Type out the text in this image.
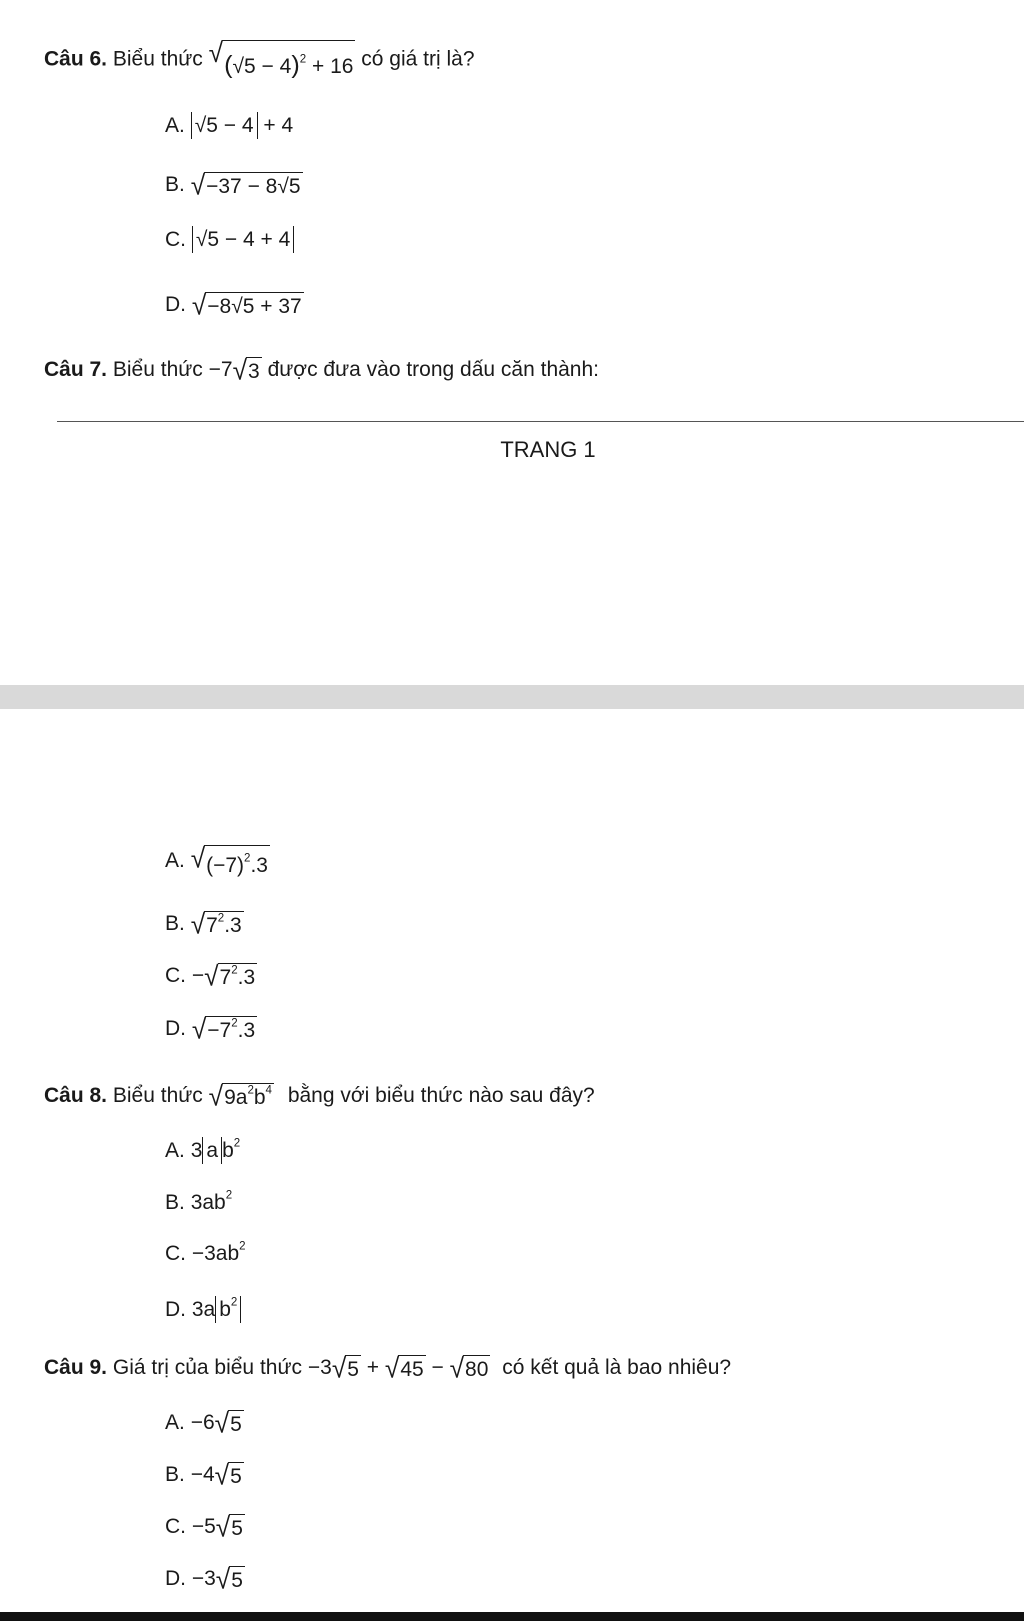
Câu 6. Biểu thức √ $(√5 - 4)^2 + 16$ có giá trị là?
A. √5 − 4 + 4
B. √ −37 − 8√5
C. √5 − 4 + 4
D. √ −8√5 + 37
Câu 7. Biểu thức −7 √ 3 được đưa vào trong dấu căn thành:
TRANG 1
A. √ $(-7)^2.3$
B. √ $7^2.3$
C. − √ $7^2.3$
D. √ $-7^2.3$
Câu 8. Biểu thức √ $9a^2b^4$ bằng với biểu thức nào sau đây?
A. 3 a $b^2$
B. $3ab^2$
C. $-3ab^2$
D. 3a $b^2$
Câu 9. Giá trị của biểu thức −3 √ 5 + √ 45 − √ 80 có kết quả là bao nhiêu?
A. −6 √ 5
B. −4 √ 5
C. −5 √ 5
D. −3 √ 5
